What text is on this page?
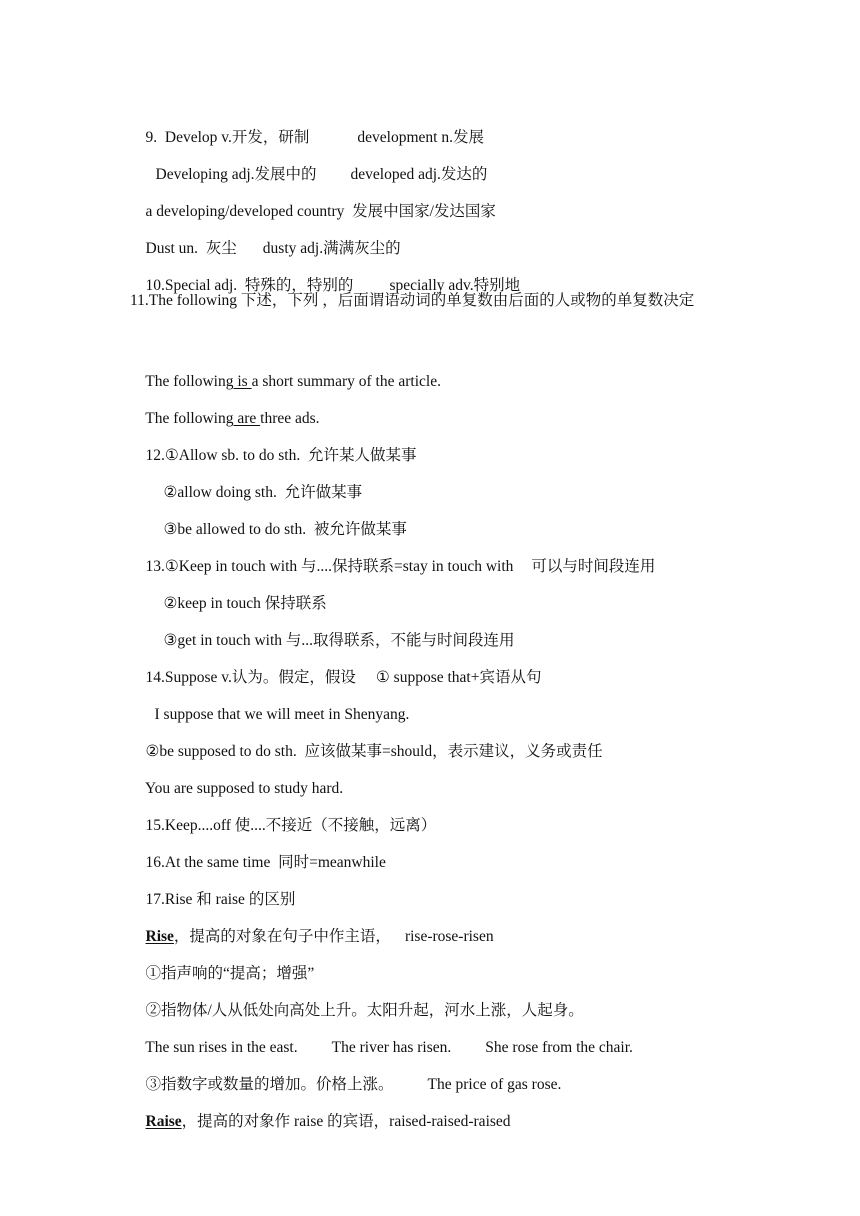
9.  Develop v.开发，研制	development n.发展

Developing adj.发展中的 developed adj.发达的

a developing/developed country  发展中国家/发达国家

Dust un.  灰尘 dusty adj.满满灰尘的

10.Special adj.  特殊的，特别的 specially adv.特别地

11.The following 下述，下列 ，后面谓语动词的单复数由后面的人或物的单复数决定

The following is a short summary of the article.

The following are three ads.

12.①Allow sb. to do sth.  允许某人做某事

②allow doing sth.  允许做某事

③be allowed to do sth.  被允许做某事

13.①Keep in touch with 与....保持联系=stay in touch with 可以与时间段连用

②keep in touch 保持联系

③get in touch with 与...取得联系，不能与时间段连用

14.Suppose v.认为。假定，假设 ① suppose that+宾语从句

I suppose that we will meet in Shenyang.

②be supposed to do sth.  应该做某事=should，表示建议，义务或责任

You are supposed to study hard.

15.Keep....off 使....不接近（不接触，远离）

16.At the same time  同时=meanwhile

17.Rise 和 raise 的区别

Rise，提高的对象在句子中作主语， rise-rose-risen

①指声响的“提高；增强”

②指物体/人从低处向高处上升。太阳升起，河水上涨，人起身。

The sun rises in the east. The river has risen. She rose from the chair.

③指数字或数量的增加。价格上涨。 The price of gas rose.

Raise，提高的对象作 raise 的宾语，raised-raised-raised
